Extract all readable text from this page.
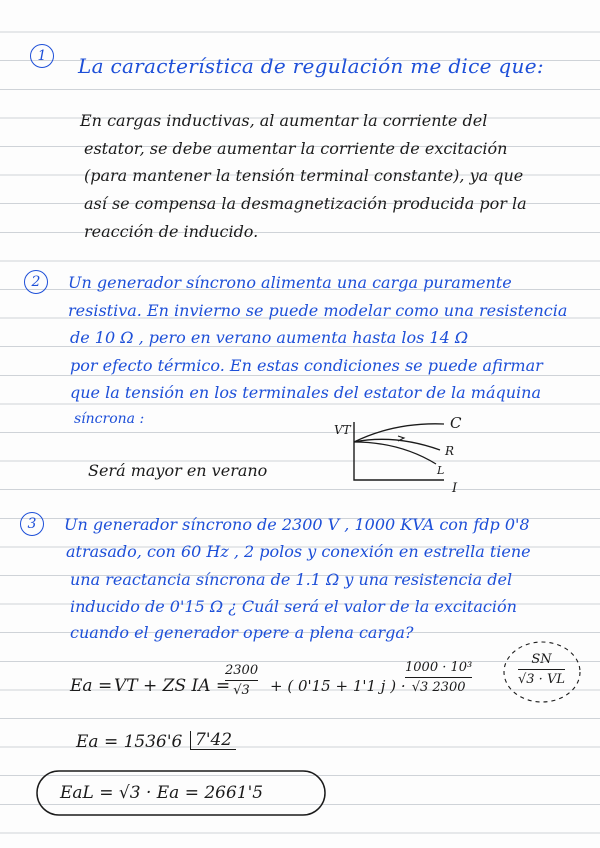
1	La característica de regulación me dice que:
En cargas inductivas, al aumentar la corriente del
estator, se debe aumentar la corriente de excitación
(para mantener la tensión terminal constante), ya que
así se compensa la desmagnetización producida por la
reacción de inducido.
2	Un generador síncrono alimenta una carga puramente
resistiva. En invierno se puede modelar como una resistencia
de 10 Ω , pero en verano aumenta hasta los 14 Ω
por efecto térmico. En estas condiciones se puede afirmar
que la tensión en los terminales del estator de la máquina
síncrona :
Será mayor en verano
VT
I
C
R
L
3	Un generador síncrono de 2300 V , 1000 KVA con fdp 0'8
atrasado, con 60 Hz , 2 polos y conexión en estrella tiene
una reactancia síncrona de 1.1 Ω y una resistencia del
inducido de 0'15 Ω ¿ Cuál será el valor de la excitación
cuando el generador opere a plena carga?
Ea = VT + ZS IA =
2300
√3 + ( 0'15 + 1'1 j ) ·
1000 · 10³
√3 2300
SN
√3 · VL
Ea = 1536'6 7'42
EaL = √3 · Ea = 2661'5
